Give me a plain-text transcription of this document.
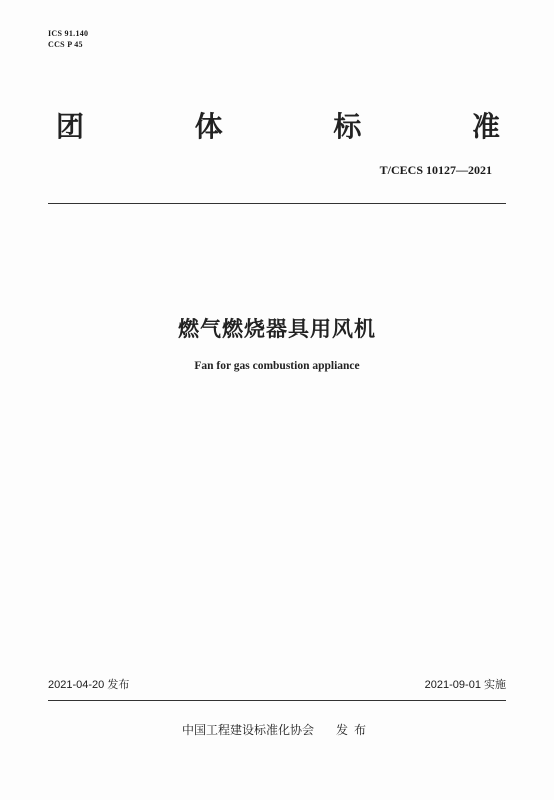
ICS 91.140
CCS P 45
团	体	标	准
T/CECS 10127—2021
燃气燃烧器具用风机
Fan for gas combustion appliance
2021-04-20 发布	2021-09-01 实施
中国工程建设标准化协会 发布
